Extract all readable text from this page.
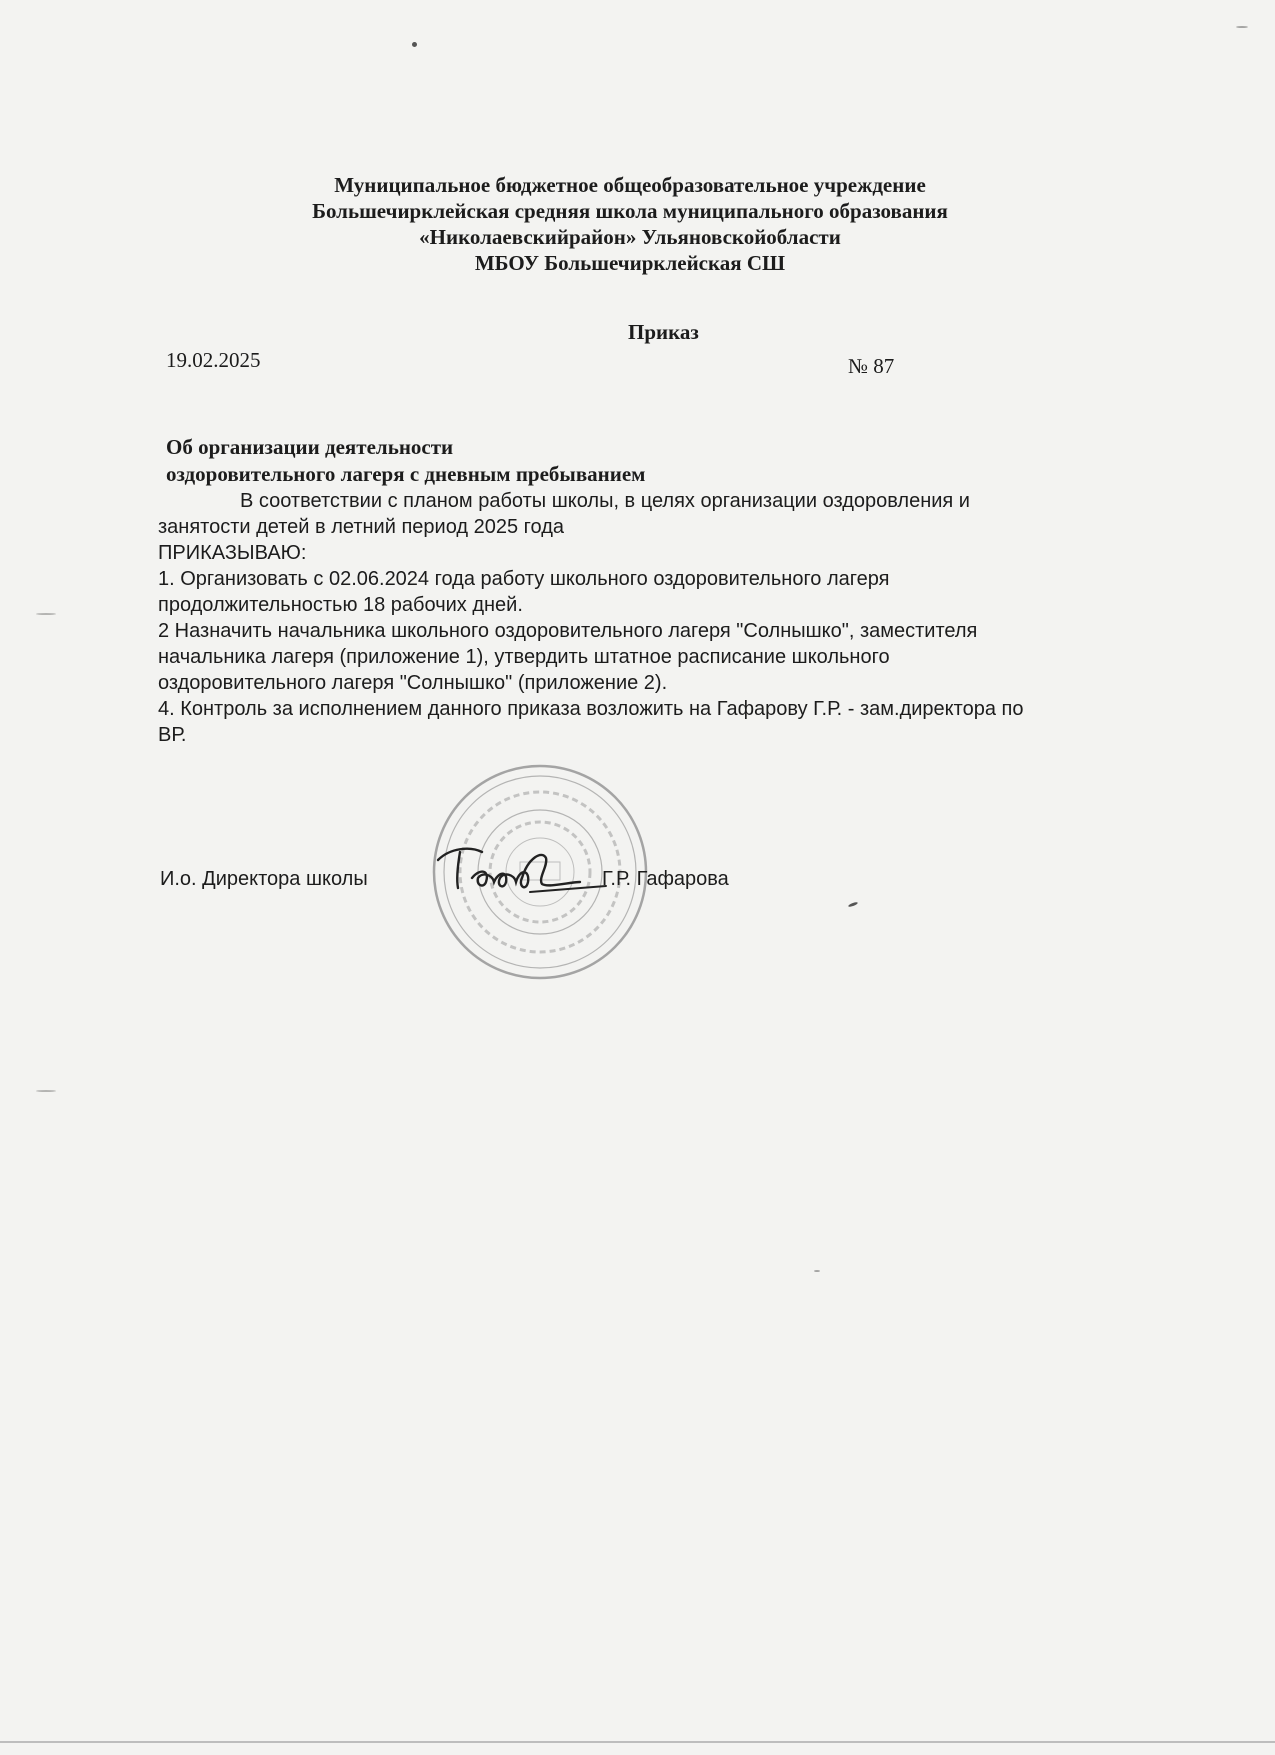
Муниципальное бюджетное общеобразовательное учреждение
Большечирклейская средняя школа муниципального образования
«Николаевскийрайон» Ульяновскойобласти
МБОУ Большечирклейская СШ
Приказ
19.02.2025	№ 87
Об организации деятельности
оздоровительного лагеря с дневным пребыванием
В соответствии с планом работы школы, в целях организации оздоровления и
занятости детей в летний период 2025 года
ПРИКАЗЫВАЮ:
1. Организовать с 02.06.2024 года работу школьного оздоровительного лагеря
продолжительностью 18 рабочих дней.
2 Назначить начальника школьного оздоровительного лагеря "Солнышко", заместителя
начальника лагеря (приложение 1), утвердить штатное расписание школьного
оздоровительного лагеря "Солнышко" (приложение 2).
4. Контроль за исполнением данного приказа возложить на Гафарову Г.Р. - зам.директора по
ВР.
И.о. Директора школы	Г.Р. Гафарова
